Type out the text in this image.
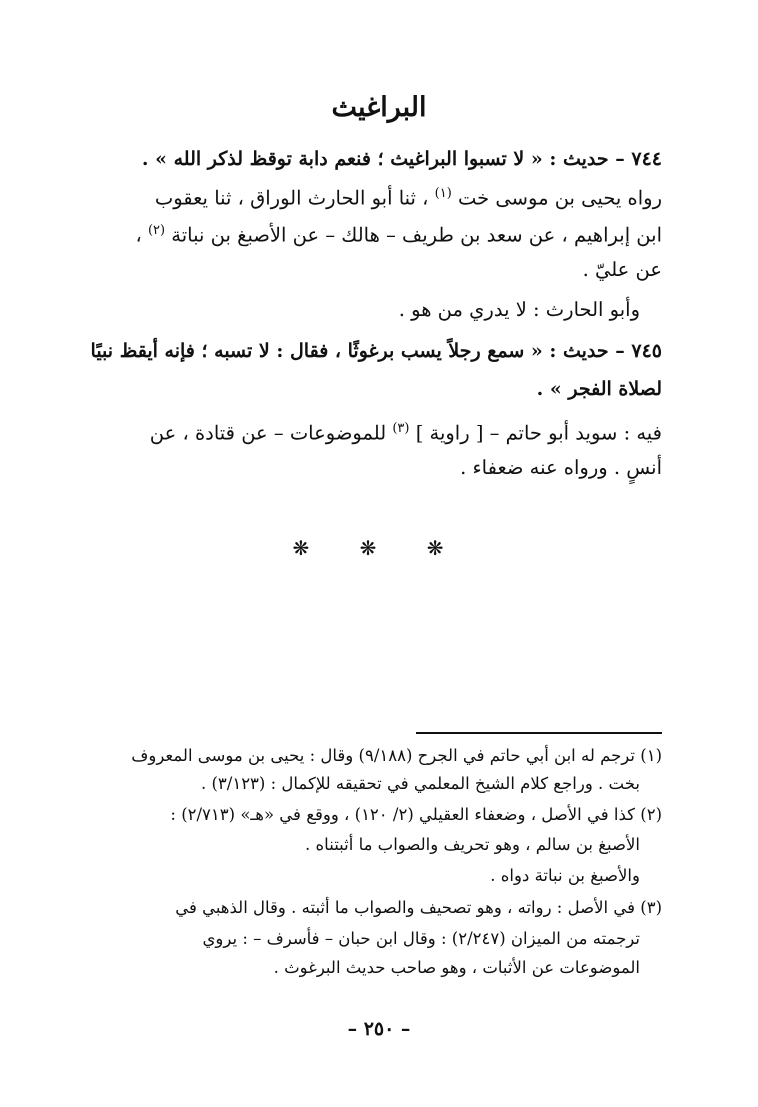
البراغيث
٧٤٤ – حديث : « لا تسبوا البراغيث ؛ فنعم دابة توقظ لذكر الله » .
رواه يحيى بن موسى خت $^{(١)}$ ، ثنا أبو الحارث الوراق ، ثنا يعقوب
ابن إبراهيم ، عن سعد بن طريف – هالك – عن الأصبغ بن نباتة $^{(٢)}$ ،
عن عليّ .
وأبو الحارث : لا يدري من هو .
٧٤٥ – حديث : « سمع رجلاً يسب برغوثًا ، فقال : لا تسبه ؛ فإنه أيقظ نبيًا
لصلاة الفجر » .
فيه : سويد أبو حاتم – [ راوية ] $^{(٣)}$ للموضوعات – عن قتادة ، عن
أنسٍ . ورواه عنه ضعفاء .
❋ ❋ ❋
(١) ترجم له ابن أبي حاتم في الجرح (٩/١٨٨) وقال : يحيى بن موسى المعروف
بخت . وراجع كلام الشيخ المعلمي في تحقيقه للإكمال : (٣/١٢٣) .
(٢) كذا في الأصل ، وضعفاء العقيلي (٢/ ١٢٠) ، ووقع في «هـ» (٢/٧١٣) :
الأصبغ بن سالم ، وهو تحريف والصواب ما أثبتناه .
والأصبغ بن نباتة دواه .
(٣) في الأصل : رواته ، وهو تصحيف والصواب ما أثبته . وقال الذهبي في
ترجمته من الميزان (٢/٢٤٧) : وقال ابن حبان – فأسرف – : يروي
الموضوعات عن الأثبات ، وهو صاحب حديث البرغوث .
– ٢٥٠ –
